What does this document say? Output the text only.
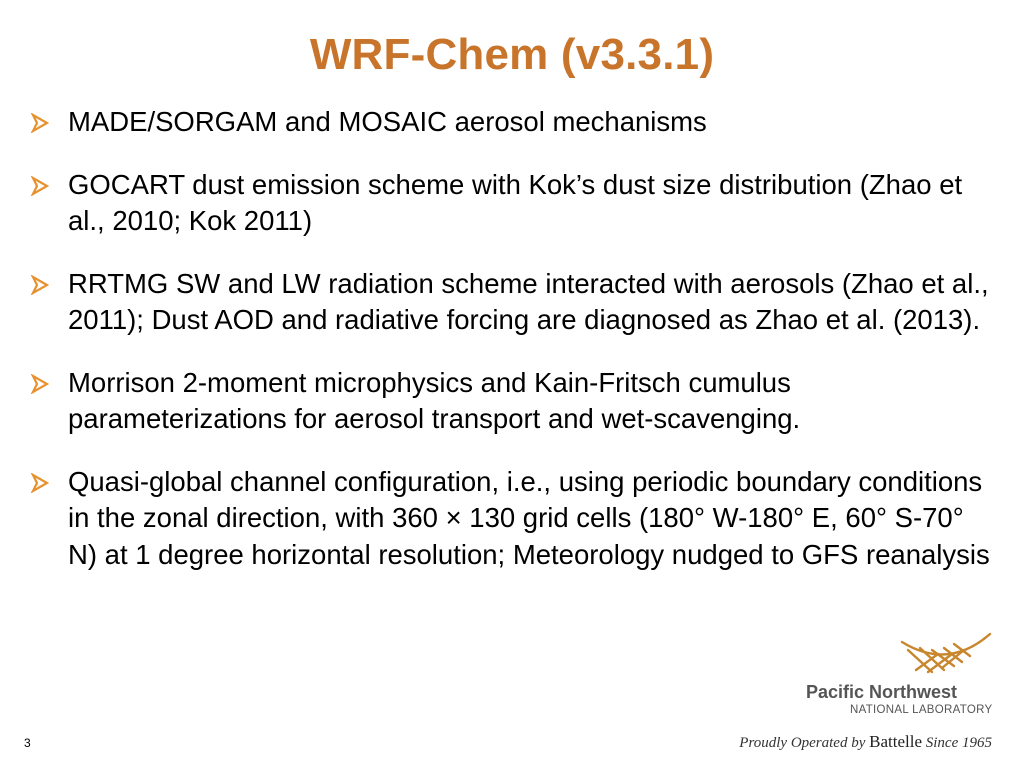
WRF-Chem (v3.3.1)
MADE/SORGAM and MOSAIC aerosol mechanisms
GOCART dust emission scheme with Kok’s dust size distribution (Zhao et al., 2010; Kok 2011)
RRTMG SW and LW radiation scheme interacted with aerosols (Zhao et al., 2011); Dust AOD and radiative forcing are diagnosed as Zhao et al. (2013).
Morrison 2-moment microphysics and Kain-Fritsch cumulus parameterizations for aerosol transport and wet-scavenging.
Quasi-global channel configuration, i.e., using periodic boundary conditions in the zonal direction, with 360 × 130 grid cells (180° W-180° E, 60° S-70° N) at 1 degree horizontal resolution; Meteorology nudged to GFS reanalysis
Pacific Northwest
NATIONAL LABORATORY
3	Proudly Operated by Battelle Since 1965
